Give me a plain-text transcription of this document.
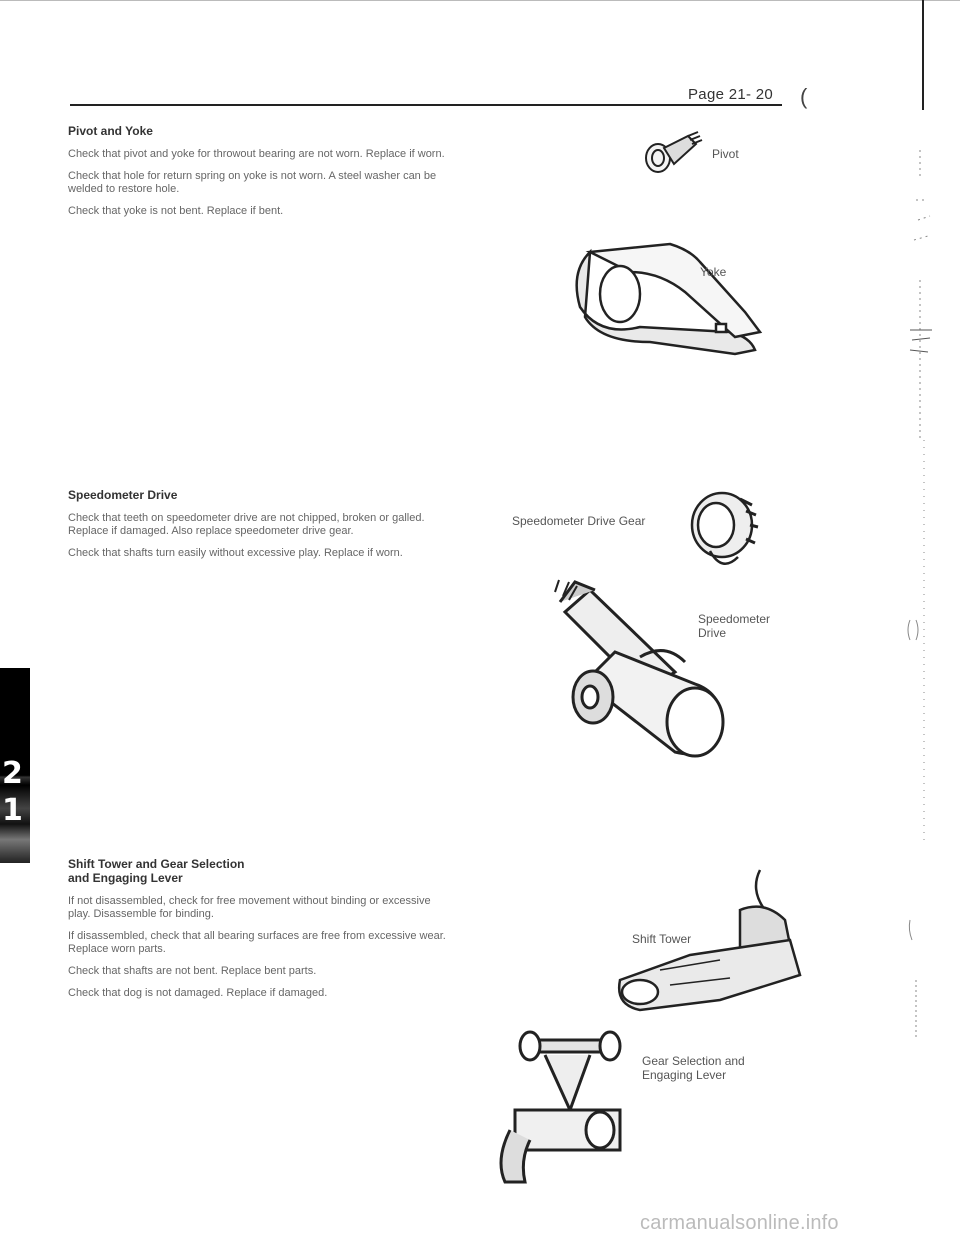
Page 21- 20 (
Pivot and Yoke

Check that pivot and yoke for throwout bearing are not worn. Replace if worn.

Check that hole for return spring on yoke is not worn. A steel washer can be welded to restore hole.

Check that yoke is not bent. Replace if bent.

Speedometer Drive

Check that teeth on speedometer drive are not chipped, broken or galled. Replace if damaged. Also replace speedometer drive gear.

Check that shafts turn easily without excessive play. Replace if worn.

Shift Tower and Gear Selection
and Engaging Lever

If not disassembled, check for free movement without binding or excessive play. Disassemble for binding.

If disassembled, check that all bearing surfaces are free from excessive wear. Replace worn parts.

Check that shafts are not bent. Replace bent parts.

Check that dog is not damaged. Replace if damaged.

2
1
Pivot
Yoke
Speedometer Drive Gear
Speedometer
Drive
Shift Tower
Gear Selection and
Engaging Lever
carmanualsonline.info
